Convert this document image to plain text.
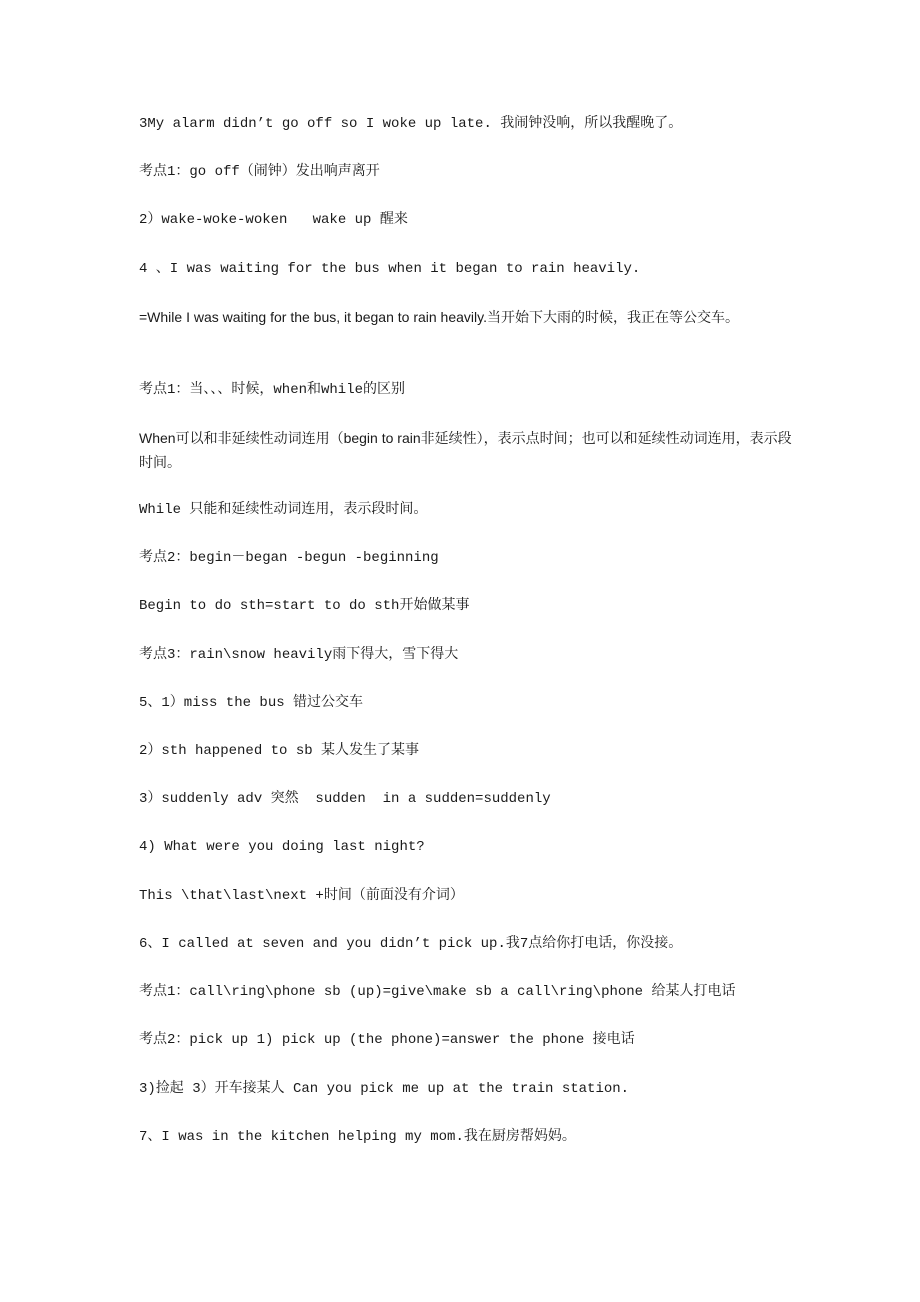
3My alarm didn’t go off so I woke up late. 我闹钟没响，所以我醒晚了。
考点1：go off（闹钟）发出响声离开
2）wake-woke-woken   wake up 醒来
4 、I was waiting for the bus when it began to rain heavily.
=While I was waiting for the bus, it began to rain heavily.当开始下大雨的时候，我正在等公交车。
考点1：当、、、时候，when和while的区别
When可以和非延续性动词连用（begin to rain非延续性），表示点时间；也可以和延续性动词连用，表示段时间。
While 只能和延续性动词连用，表示段时间。
考点2：begin－began -begun -beginning
Begin to do sth=start to do sth开始做某事
考点3：rain\snow heavily雨下得大，雪下得大
5、1）miss the bus 错过公交车
2）sth happened to sb 某人发生了某事
3）suddenly adv 突然  sudden  in a sudden=suddenly
4) What were you doing last night?
This \that\last\next +时间（前面没有介词）
6、I called at seven and you didn’t pick up.我7点给你打电话，你没接。
考点1：call\ring\phone sb (up)=give\make sb a call\ring\phone 给某人打电话
考点2：pick up 1) pick up (the phone)=answer the phone 接电话
3)捡起 3）开车接某人 Can you pick me up at the train station.
7、I was in the kitchen helping my mom.我在厨房帮妈妈。
